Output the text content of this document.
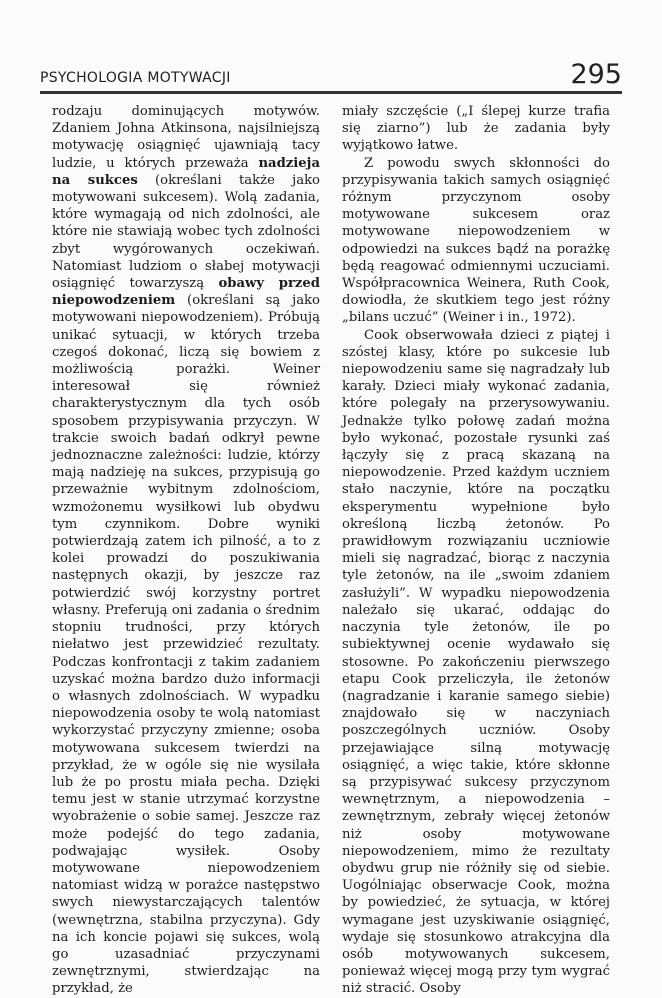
PSYCHOLOGIA MOTYWACJI	295

rodzaju dominujących motywów. Zdaniem Johna Atkinsona, najsilniejszą motywację osiągnięć ujawniają tacy ludzie, u których przeważa nadzieja na sukces (określani także jako motywowani sukcesem). Wolą zadania, które wymagają od nich zdolności, ale które nie stawiają wobec tych zdolności zbyt wygórowanych oczekiwań. Natomiast ludziom o słabej motywacji osiągnięć towarzyszą obawy przed niepowodzeniem (określani są jako motywowani niepowodzeniem). Próbują unikać sytuacji, w których trzeba czegoś dokonać, liczą się bowiem z możliwością porażki. Weiner interesował się również charakterystycznym dla tych osób sposobem przypisywania przyczyn. W trakcie swoich badań odkrył pewne jednoznaczne zależności: ludzie, którzy mają nadzieję na sukces, przypisują go przeważnie wybitnym zdolnościom, wzmożonemu wysiłkowi lub obydwu tym czynnikom. Dobre wyniki potwierdzają zatem ich pilność, a to z kolei prowadzi do poszukiwania następnych okazji, by jeszcze raz potwierdzić swój korzystny portret własny. Preferują oni zadania o średnim stopniu trudności, przy których niełatwo jest przewidzieć rezultaty. Podczas konfrontacji z takim zadaniem uzyskać można bardzo dużo informacji o własnych zdolnościach. W wypadku niepowodzenia osoby te wolą natomiast wykorzystać przyczyny zmienne; osoba motywowana sukcesem twierdzi na przykład, że w ogóle się nie wysilała lub że po prostu miała pecha. Dzięki temu jest w stanie utrzymać korzystne wyobrażenie o sobie samej. Jeszcze raz może podejść do tego zadania, podwajając wysiłek. Osoby motywowane niepowodzeniem natomiast widzą w porażce następstwo swych niewystarczających talentów (wewnętrzna, stabilna przyczyna). Gdy na ich koncie pojawi się sukces, wolą go uzasadniać przyczynami zewnętrznymi, stwierdzając na przykład, że

miały szczęście („I ślepej kurze trafia się ziarno”) lub że zadania były wyjątkowo łatwe.

Z powodu swych skłonności do przypisywania takich samych osiągnięć różnym przyczynom osoby motywowane sukcesem oraz motywowane niepowodzeniem w odpowiedzi na sukces bądź na porażkę będą reagować odmiennymi uczuciami. Współpracownica Weinera, Ruth Cook, dowiodła, że skutkiem tego jest różny „bilans uczuć” (Weiner i in., 1972).

Cook obserwowała dzieci z piątej i szóstej klasy, które po sukcesie lub niepowodzeniu same się nagradzały lub karały. Dzieci miały wykonać zadania, które polegały na przerysowywaniu. Jednakże tylko połowę zadań można było wykonać, pozostałe rysunki zaś łączyły się z pracą skazaną na niepowodzenie. Przed każdym uczniem stało naczynie, które na początku eksperymentu wypełnione było określoną liczbą żetonów. Po prawidłowym rozwiązaniu uczniowie mieli się nagradzać, biorąc z naczynia tyle żetonów, na ile „swoim zdaniem zasłużyli”. W wypadku niepowodzenia należało się ukarać, oddając do naczynia tyle żetonów, ile po subiektywnej ocenie wydawało się stosowne. Po zakończeniu pierwszego etapu Cook przeliczyła, ile żetonów (nagradzanie i karanie samego siebie) znajdowało się w naczyniach poszczególnych uczniów. Osoby przejawiające silną motywację osiągnięć, a więc takie, które skłonne są przypisywać sukcesy przyczynom wewnętrznym, a niepowodzenia – zewnętrznym, zebrały więcej żetonów niż osoby motywowane niepowodzeniem, mimo że rezultaty obydwu grup nie różniły się od siebie. Uogólniając obserwacje Cook, można by powiedzieć, że sytuacja, w której wymagane jest uzyskiwanie osiągnięć, wydaje się stosunkowo atrakcyjna dla osób motywowanych sukcesem, ponieważ więcej mogą przy tym wygrać niż stracić. Osoby
